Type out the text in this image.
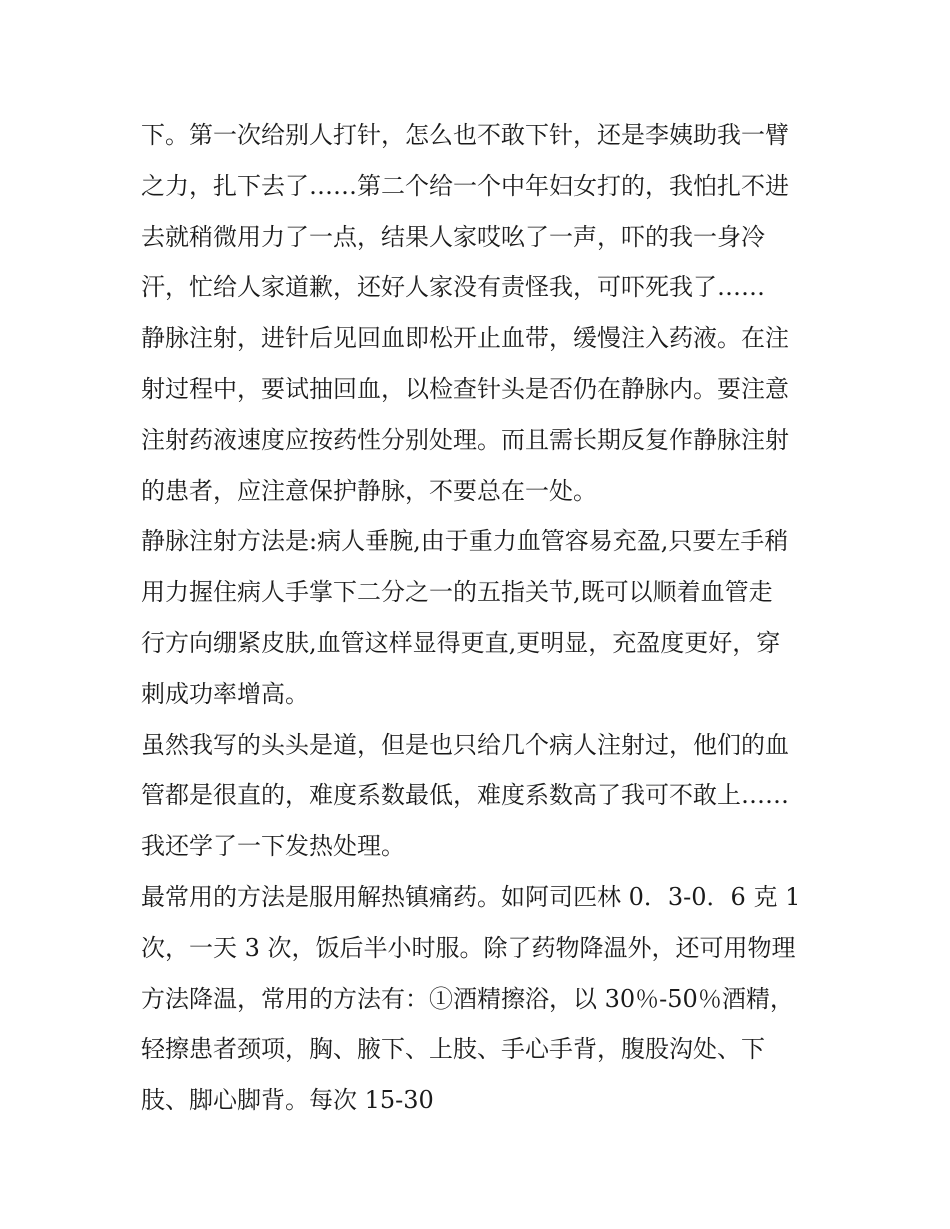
下。第一次给别人打针，怎么也不敢下针，还是李姨助我一臂
之力，扎下去了……第二个给一个中年妇女打的，我怕扎不进
去就稍微用力了一点，结果人家哎吆了一声，吓的我一身冷
汗，忙给人家道歉，还好人家没有责怪我，可吓死我了……
静脉注射，进针后见回血即松开止血带，缓慢注入药液。在注
射过程中，要试抽回血，以检查针头是否仍在静脉内。要注意
注射药液速度应按药性分别处理。而且需长期反复作静脉注射
的患者，应注意保护静脉，不要总在一处。
静脉注射方法是:病人垂腕,由于重力血管容易充盈,只要左手稍
用力握住病人手掌下二分之一的五指关节,既可以顺着血管走
行方向绷紧皮肤,血管这样显得更直,更明显，充盈度更好，穿
刺成功率增高。
虽然我写的头头是道，但是也只给几个病人注射过，他们的血
管都是很直的，难度系数最低，难度系数高了我可不敢上……
我还学了一下发热处理。
最常用的方法是服用解热镇痛药。如阿司匹林 0．3-0．6 克 1
次，一天 3 次，饭后半小时服。除了药物降温外，还可用物理
方法降温，常用的方法有：①酒精擦浴，以 30％-50％酒精，
轻擦患者颈项，胸、腋下、上肢、手心手背，腹股沟处、下
肢、脚心脚背。每次 15-30
